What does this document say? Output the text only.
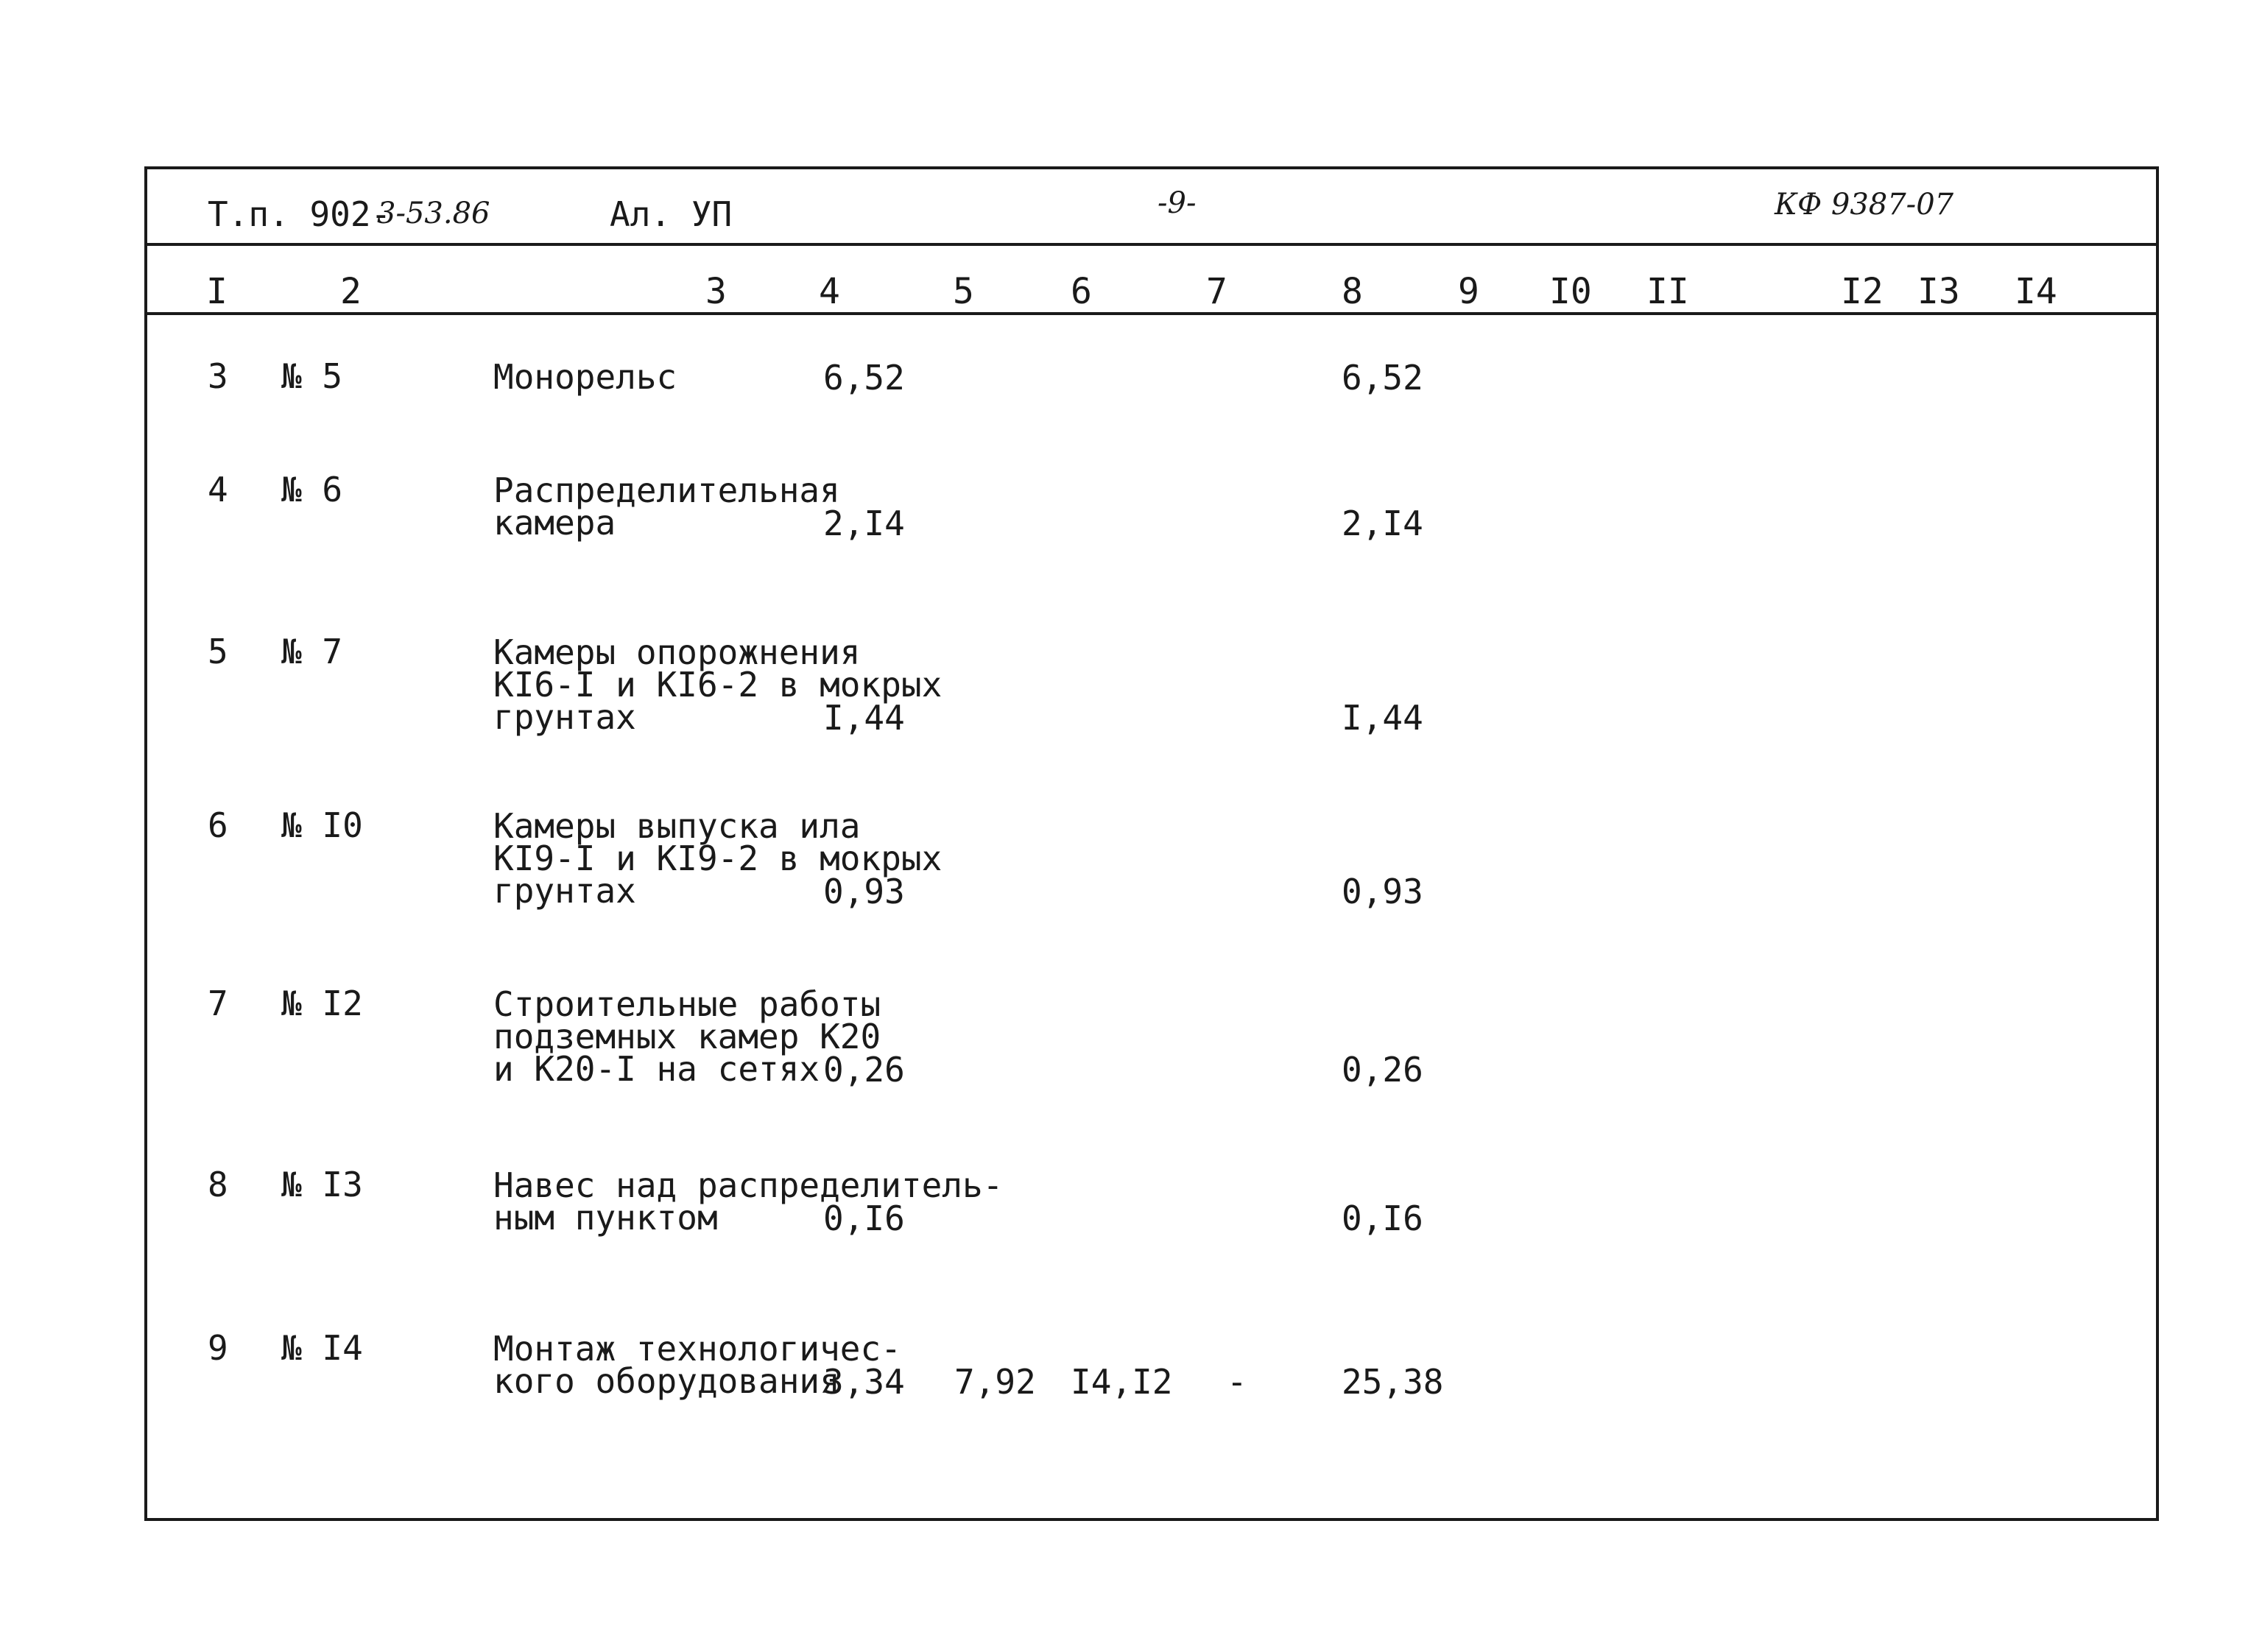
Т.п. 902-
3-53.86	Ал. УП	-9-	КФ 9387-07
I	2	3	4	5	6	7	8	9 I0 II	I2 I3 I4
3 № 5	Монорельс	6,52	6,52
4 № 6	Распределительная
камера	2,I4	2,I4
5 № 7	Камеры опорожнения
КI6-I и КI6-2 в мокрых
грунтах	I,44	I,44
6 № I0	Камеры выпуска ила
КI9-I и КI9-2 в мокрых
грунтах	0,93	0,93
7 № I2	Строительные работы
подземных камер К20
и К20-I на сетях 0,26	0,26
8 № I3	Навес над распределитель-
ным пунктом	0,I6	0,I6
9 № I4	Монтаж технологичес-
кого оборудования
3,34 7,92 I4,I2 -	25,38
